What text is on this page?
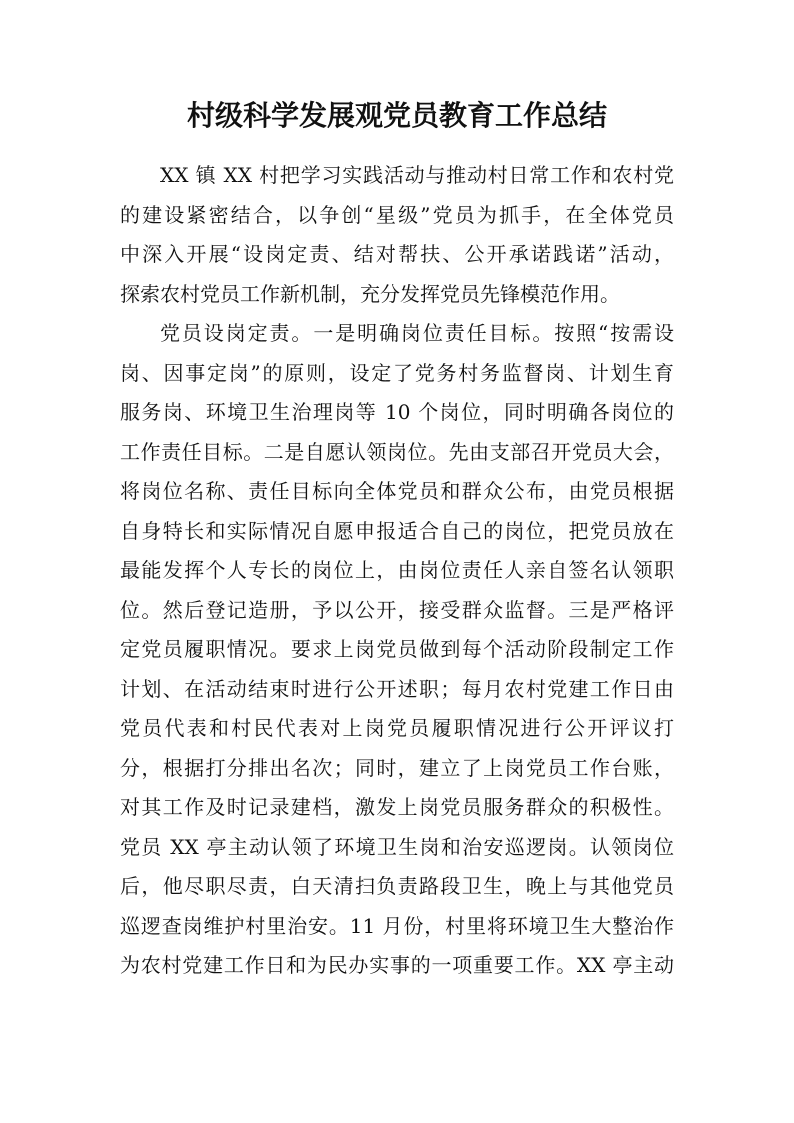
村级科学发展观党员教育工作总结
XX 镇 XX 村把学习实践活动与推动村日常工作和农村党
的建设紧密结合，以争创“星级”党员为抓手，在全体党员
中深入开展“设岗定责、结对帮扶、公开承诺践诺”活动，
探索农村党员工作新机制，充分发挥党员先锋模范作用。
党员设岗定责。一是明确岗位责任目标。按照“按需设
岗、因事定岗”的原则，设定了党务村务监督岗、计划生育
服务岗、环境卫生治理岗等 10 个岗位，同时明确各岗位的
工作责任目标。二是自愿认领岗位。先由支部召开党员大会，
将岗位名称、责任目标向全体党员和群众公布，由党员根据
自身特长和实际情况自愿申报适合自己的岗位，把党员放在
最能发挥个人专长的岗位上，由岗位责任人亲自签名认领职
位。然后登记造册，予以公开，接受群众监督。三是严格评
定党员履职情况。要求上岗党员做到每个活动阶段制定工作
计划、在活动结束时进行公开述职；每月农村党建工作日由
党员代表和村民代表对上岗党员履职情况进行公开评议打
分，根据打分排出名次；同时，建立了上岗党员工作台账，
对其工作及时记录建档，激发上岗党员服务群众的积极性。
党员 XX 亭主动认领了环境卫生岗和治安巡逻岗。认领岗位
后，他尽职尽责，白天清扫负责路段卫生，晚上与其他党员
巡逻查岗维护村里治安。11 月份，村里将环境卫生大整治作
为农村党建工作日和为民办实事的一项重要工作。XX 亭主动
